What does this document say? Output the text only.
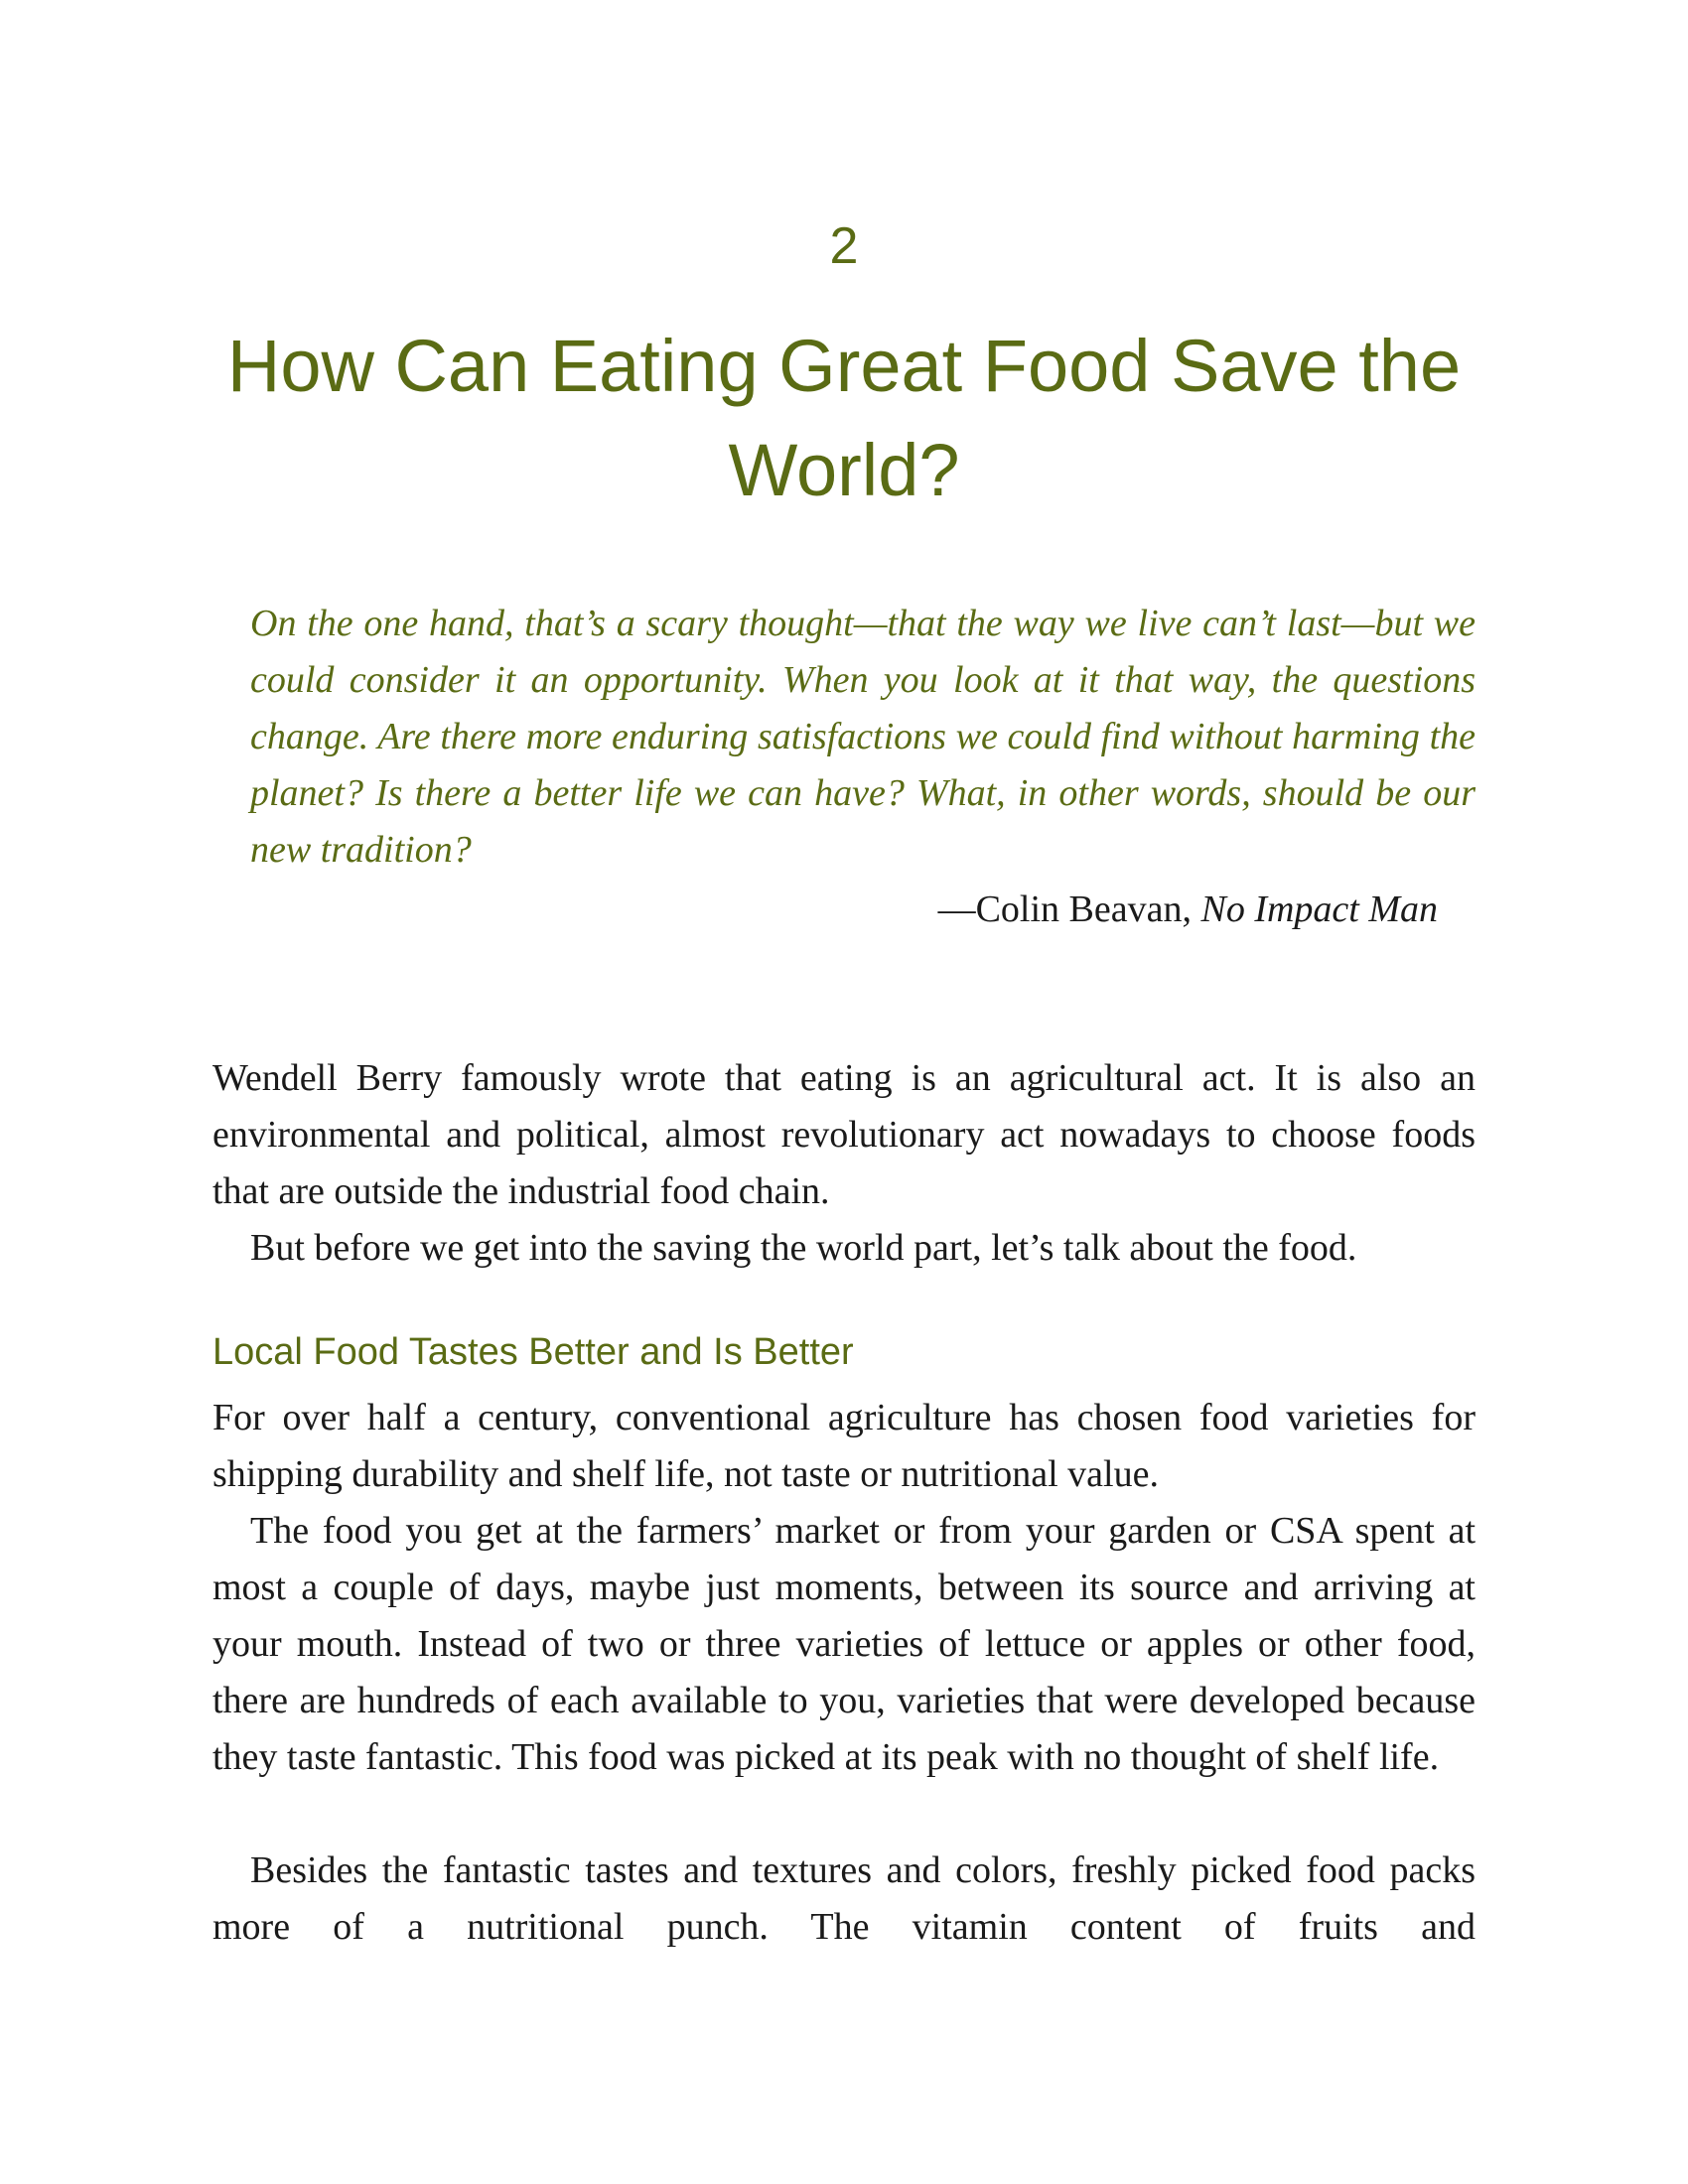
2
How Can Eating Great Food Save the World?

On the one hand, that’s a scary thought—that the way we live can’t last—but we could consider it an opportunity. When you look at it that way, the questions change. Are there more enduring satisfactions we could find without harming the planet? Is there a better life we can have? What, in other words, should be our new tradition?

—Colin Beavan, No Impact Man

Wendell Berry famously wrote that eating is an agricultural act. It is also an environmental and political, almost revolutionary act nowadays to choose foods that are outside the industrial food chain.

But before we get into the saving the world part, let’s talk about the food.

Local Food Tastes Better and Is Better

For over half a century, conventional agriculture has chosen food varieties for shipping durability and shelf life, not taste or nutritional value.

The food you get at the farmers’ market or from your garden or CSA spent at most a couple of days, maybe just moments, between its source and arriving at your mouth. Instead of two or three varieties of lettuce or apples or other food, there are hundreds of each available to you, varieties that were developed because they taste fantastic. This food was picked at its peak with no thought of shelf life.

Besides the fantastic tastes and textures and colors, freshly picked food packs more of a nutritional punch. The vitamin content of fruits and
